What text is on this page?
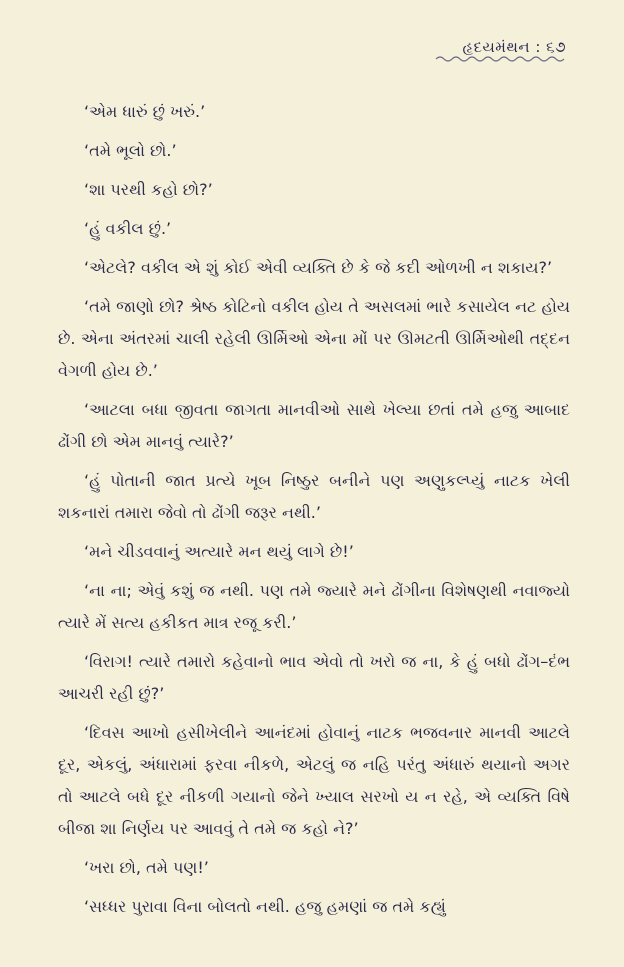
હૃદયમંથન : ૬૭

‘એમ ધારું છું ખરું.’

‘તમે ભૂલો છો.’

‘શા પરથી કહો છો?’

‘હું વકીલ છું.’

‘એટલે? વકીલ એ શું કોઈ એવી વ્યક્તિ છે કે જે કદી ઓળખી ન શકાય?’

‘તમે જાણો છો? શ્રેષ્ઠ કોટિનો વકીલ હોય તે અસલમાં ભારે કસાયેલ નટ હોય છે. એના અંતરમાં ચાલી રહેલી ઊર્મિઓ એના મોં પર ઊમટતી ઊર્મિઓથી તદ્દન વેગળી હોય છે.’

‘આટલા બધા જીવતા જાગતા માનવીઓ સાથે ખેલ્યા છતાં તમે હજુ આબાદ ઢોંગી છો એમ માનવું ત્યારે?’

‘હું પોતાની જાત પ્રત્યે ખૂબ નિષ્ઠુર બનીને પણ અણુકલ્પ્યું નાટક ખેલી શકનારાં તમારા જેવો તો ઢોંગી જરૂર નથી.’

‘મને ચીડવવાનું અત્યારે મન થયું લાગે છે!’

‘ના ના; એવું કશું જ નથી. પણ તમે જ્યારે મને ઢોંગીના વિશેષણથી નવાજ્યો ત્યારે મેં સત્ય હકીકત માત્ર રજૂ કરી.’

‘વિરાગ! ત્યારે તમારો કહેવાનો ભાવ એવો તો ખરો જ ના, કે હું બધો ઢોંગ–દંભ આચરી રહી છું?’

‘દિવસ આખો હસીખેલીને આનંદમાં હોવાનું નાટક ભજવનાર માનવી આટલે દૂર, એકલું, અંધારામાં ફરવા નીકળે, એટલું જ નહિ પરંતુ અંધારું થયાનો અગર તો આટલે બધે દૂર નીકળી ગયાનો જેને ખ્યાલ સરખો ય ન રહે, એ વ્યક્તિ વિષે બીજા શા નિર્ણય પર આવવું તે તમે જ કહો ને?’

‘ખરા છો, તમે પણ!’

‘સધ્ધર પુરાવા વિના બોલતો નથી. હજુ હમણાં જ તમે કહ્યું
